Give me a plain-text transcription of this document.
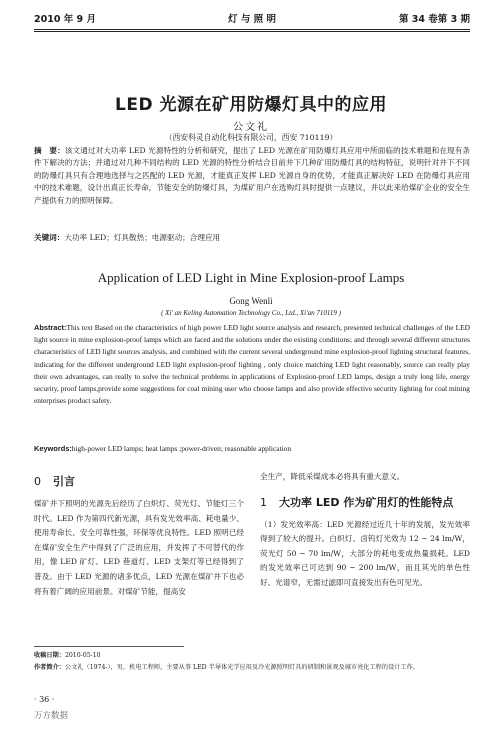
2010 年 9 月	灯 与 照 明	第 34 卷第 3 期
LED 光源在矿用防爆灯具中的应用
公文礼
（西安科灵自动化科技有限公司，西安 710119）
摘　要：该文通过对大功率 LED 光源特性的分析和研究，提出了 LED 光源在矿用防爆灯具应用中所面临的技术难题和在现有条件下解决的方法；并通过对几种不同结构的 LED 光源的特性分析结合目前井下几种矿用防爆灯具的结构特征，说明针对井下不同的防爆灯具只有合理地选择与之匹配的 LED 光源，才能真正发挥 LED 光源自身的优势，才能真正解决好 LED 在防爆灯具应用中的技术难题，设计出真正长寿命，节能安全的防爆灯具，为煤矿用户在选购灯具时提供一点建议，并以此来给煤矿企业的安全生产提供有力的照明保障。
关键词：大功率 LED；灯具散热；电源驱动；合理应用
Application of LED Light in Mine Explosion-proof Lamps
Gong Wenli
( Xi' an Keling Automation Technology Co., Ltd., Xi'an 710119 )
Abstract:This text Based on the characteristics of high power LED light source analysis and research, presented technical challenges of the LED light source in mine explosion-proof lamps which are faced and the solutions under the existing conditions; and through several different structures characteristics of LED light sources analysis, and combined with the current several underground mine explosion-proof lighting structural features, indicating for the different underground LED light explosion-proof lighting , only choice matching LED light reasonably, source can really play their own advantages, can really to solve the technical problems in applications of Explosion-proof LED lamps, design a truly long life, energy security, proof lamps,provide some suggestions for coal mining user who choose lamps and also provide effective security lighting for coal mining enterprises product safety.
Keywords:high-power LED lamps; heat lamps ;power-driven; reasonable application
0 引言

煤矿井下照明的光源先后经历了白炽灯、荧光灯、节能灯三个时代。LED 作为第四代新光源，具有发光效率高、耗电量少、使用寿命长、安全可靠性强，环保等优良特性。LED 照明已经在煤矿安全生产中得到了广泛的应用，并发挥了不可替代的作用，像 LED 矿灯、LED 巷道灯、LED 支架灯等已经得到了普及。由于 LED 光源的诸多优点，LED 光源在煤矿井下也必将有着广阔的应用前景。对煤矿节能，提高安

全生产，降低采煤成本必将具有重大意义。

1 大功率 LED 作为矿用灯的性能特点

（1）发光效率高：LED 光源经过近几十年的发展，发光效率得到了较大的提升。白炽灯、卤钨灯光效为 12 ~ 24 lm/W，荧光灯 50 ~ 70 lm/W，大部分的耗电变成热量损耗。LED 的发光效率已可达到 90 ~ 200 lm/W，而且其光的单色性好、光谱窄，无需过滤即可直接发出有色可见光。

收稿日期：2010-05-10
作者简介：公文礼（1974-），男，机电工程师，主要从事 LED 半导体光学应用及冷光源照明灯具的研制和景观及城市亮化工程的设计工作。
· 36 ·
万方数据
